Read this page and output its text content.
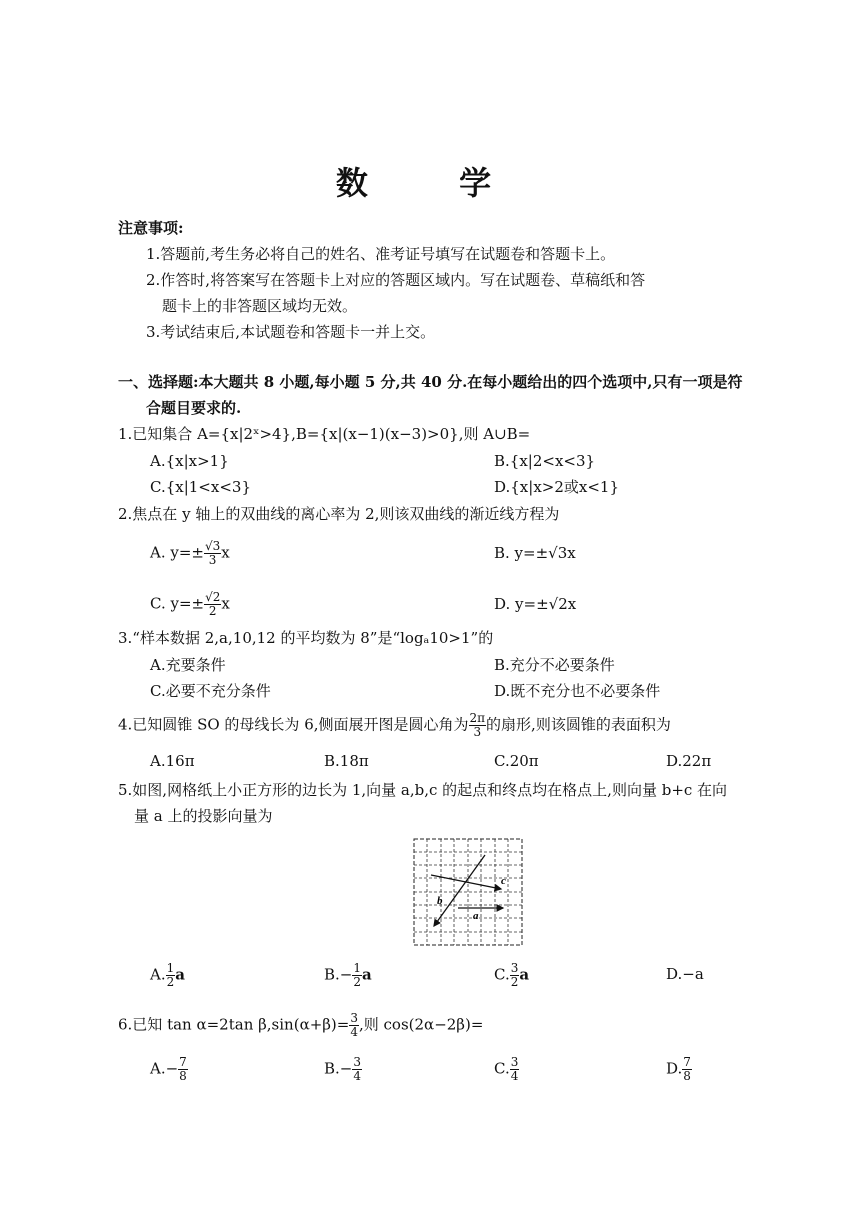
数 学
注意事项:
1.答题前,考生务必将自己的姓名、准考证号填写在试题卷和答题卡上。
2.作答时,将答案写在答题卡上对应的答题区域内。写在试题卷、草稿纸和答
题卡上的非答题区域均无效。
3.考试结束后,本试题卷和答题卡一并上交。
一、选择题:本大题共 8 小题,每小题 5 分,共 40 分.在每小题给出的四个选项中,只有一项是符
合题目要求的.
1.已知集合 A={x|2ˣ>4},B={x|(x−1)(x−3)>0},则 A∪B=
A.{x|x>1}	B.{x|2<x<3}
C.{x|1<x<3}	D.{x|x>2或x<1}
2.焦点在 y 轴上的双曲线的离心率为 2,则该双曲线的渐近线方程为
A. $y=\pm \frac{√3}{3}$ x	B. y=±√3x
C. $y=\pm \frac{√2}{2}$ x	D. y=±√2x
3.“样本数据 2,a,10,12 的平均数为 8”是“logₐ10>1”的
A.充要条件	B.充分不必要条件
C.必要不充分条件	D.既不充分也不必要条件
4.已知圆锥 SO 的母线长为 6,侧面展开图是圆心角为 $\frac{2\pi}{3}$ 的扇形,则该圆锥的表面积为
A.16π	B.18π	C.20π	D.22π
5.如图,网格纸上小正方形的边长为 1,向量 a,b,c 的起点和终点均在格点上,则向量 b+c 在向
量 a 上的投影向量为
b
c
a
A. $\frac{1}{2}$ a	$B.- \frac{1}{2}$ a	C. $\frac{3}{2}$ a	D.−a
6.已知 tan α=2tan $\beta,\sin(\alpha+\beta)= \frac{3}{4}$ ,则 cos(2α−2β)=
$A.- \frac{7}{8}$	$B.- \frac{3}{4}$	C. $\frac{3}{4}$	D. $\frac{7}{8}$
